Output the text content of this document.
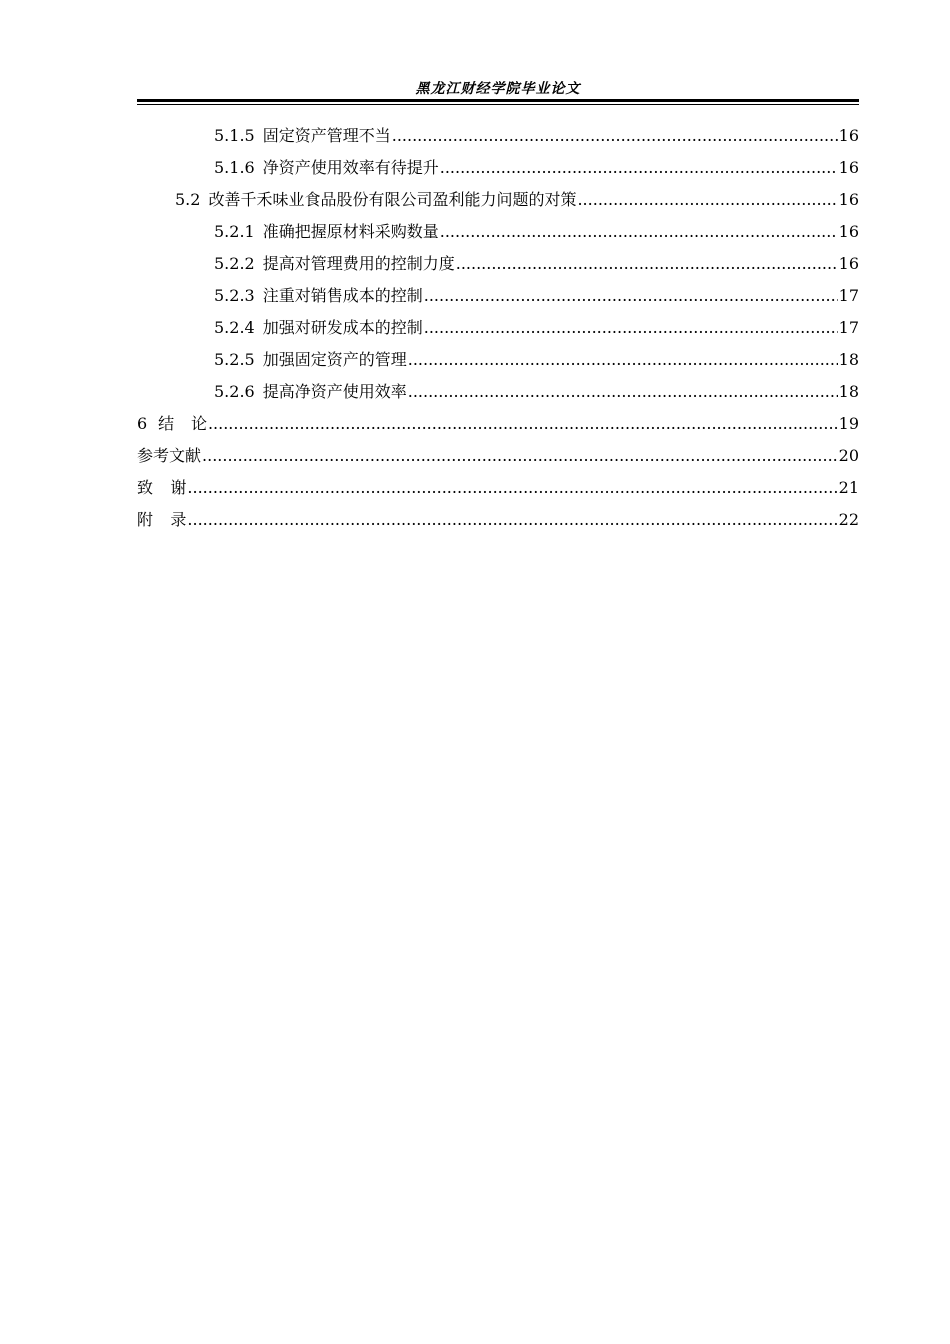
黑龙江财经学院毕业论文
5.1.5 固定资产管理不当 .....	16
5.1.6 净资产使用效率有待提升 .....	16
5.2 改善千禾味业食品股份有限公司盈利能力问题的对策 .....	16
5.2.1 准确把握原材料采购数量 .....	16
5.2.2 提高对管理费用的控制力度 .....	16
5.2.3 注重对销售成本的控制 .....	17
5.2.4 加强对研发成本的控制 .....	17
5.2.5 加强固定资产的管理 .....	18
5.2.6 提高净资产使用效率 .....	18
6 结 论 .....	19
参考文献 .....	20
致 谢 .....	21
附 录 .....	22
